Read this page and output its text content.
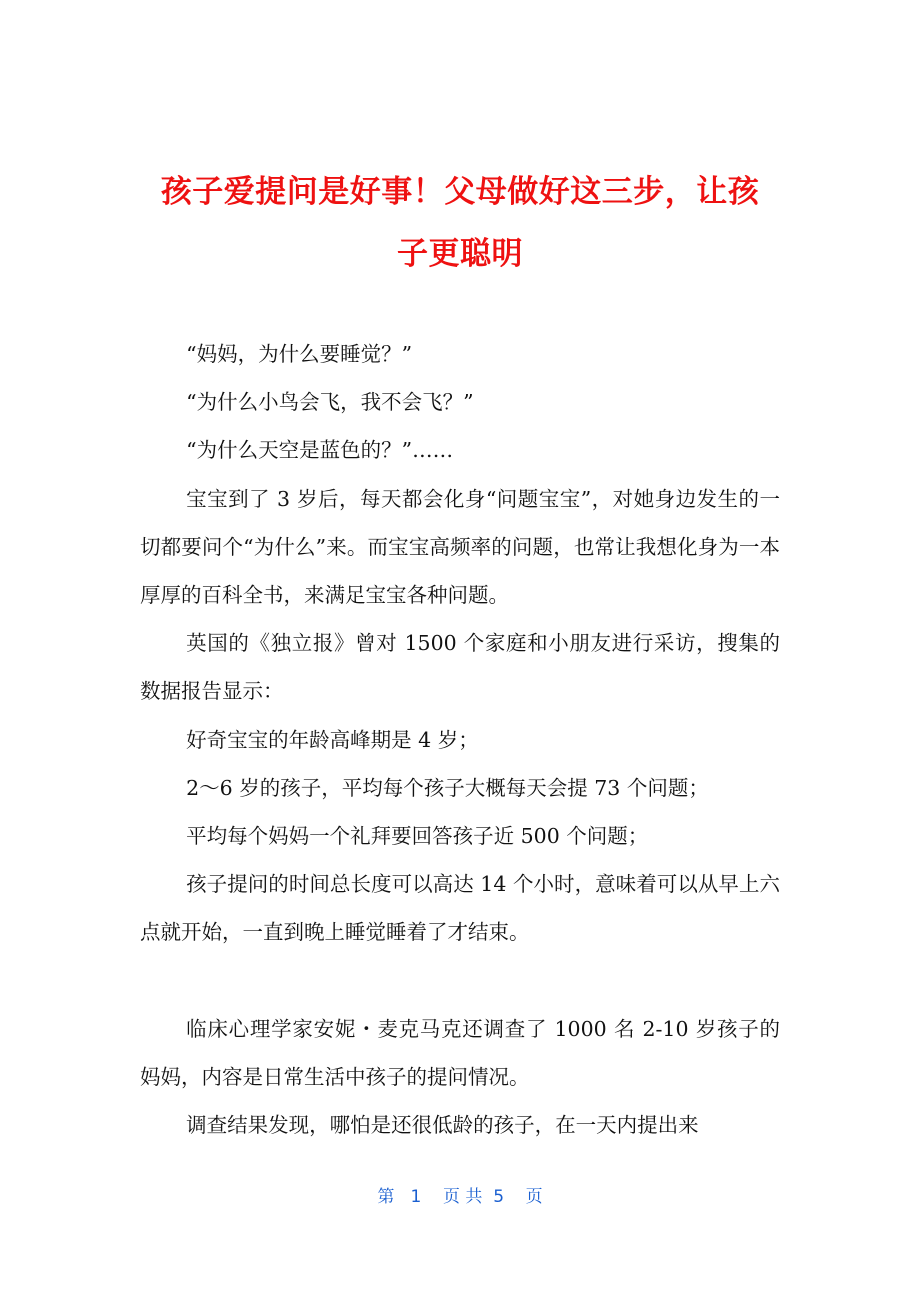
孩子爱提问是好事！父母做好这三步，让孩
子更聪明

“妈妈，为什么要睡觉？”

“为什么小鸟会飞，我不会飞？”

“为什么天空是蓝色的？”……

宝宝到了 3 岁后，每天都会化身“问题宝宝”，对她身边发生的一切都要问个“为什么”来。而宝宝高频率的问题，也常让我想化身为一本厚厚的百科全书，来满足宝宝各种问题。

英国的《独立报》曾对 1500 个家庭和小朋友进行采访，搜集的数据报告显示：

好奇宝宝的年龄高峰期是 4 岁；

2～6 岁的孩子，平均每个孩子大概每天会提 73 个问题；

平均每个妈妈一个礼拜要回答孩子近 500 个问题；

孩子提问的时间总长度可以高达 14 个小时，意味着可以从早上六点就开始，一直到晚上睡觉睡着了才结束。

临床心理学家安妮・麦克马克还调查了 1000 名 2-10 岁孩子的妈妈，内容是日常生活中孩子的提问情况。

调查结果发现，哪怕是还很低龄的孩子，在一天内提出来

第   1    页 共  5    页
